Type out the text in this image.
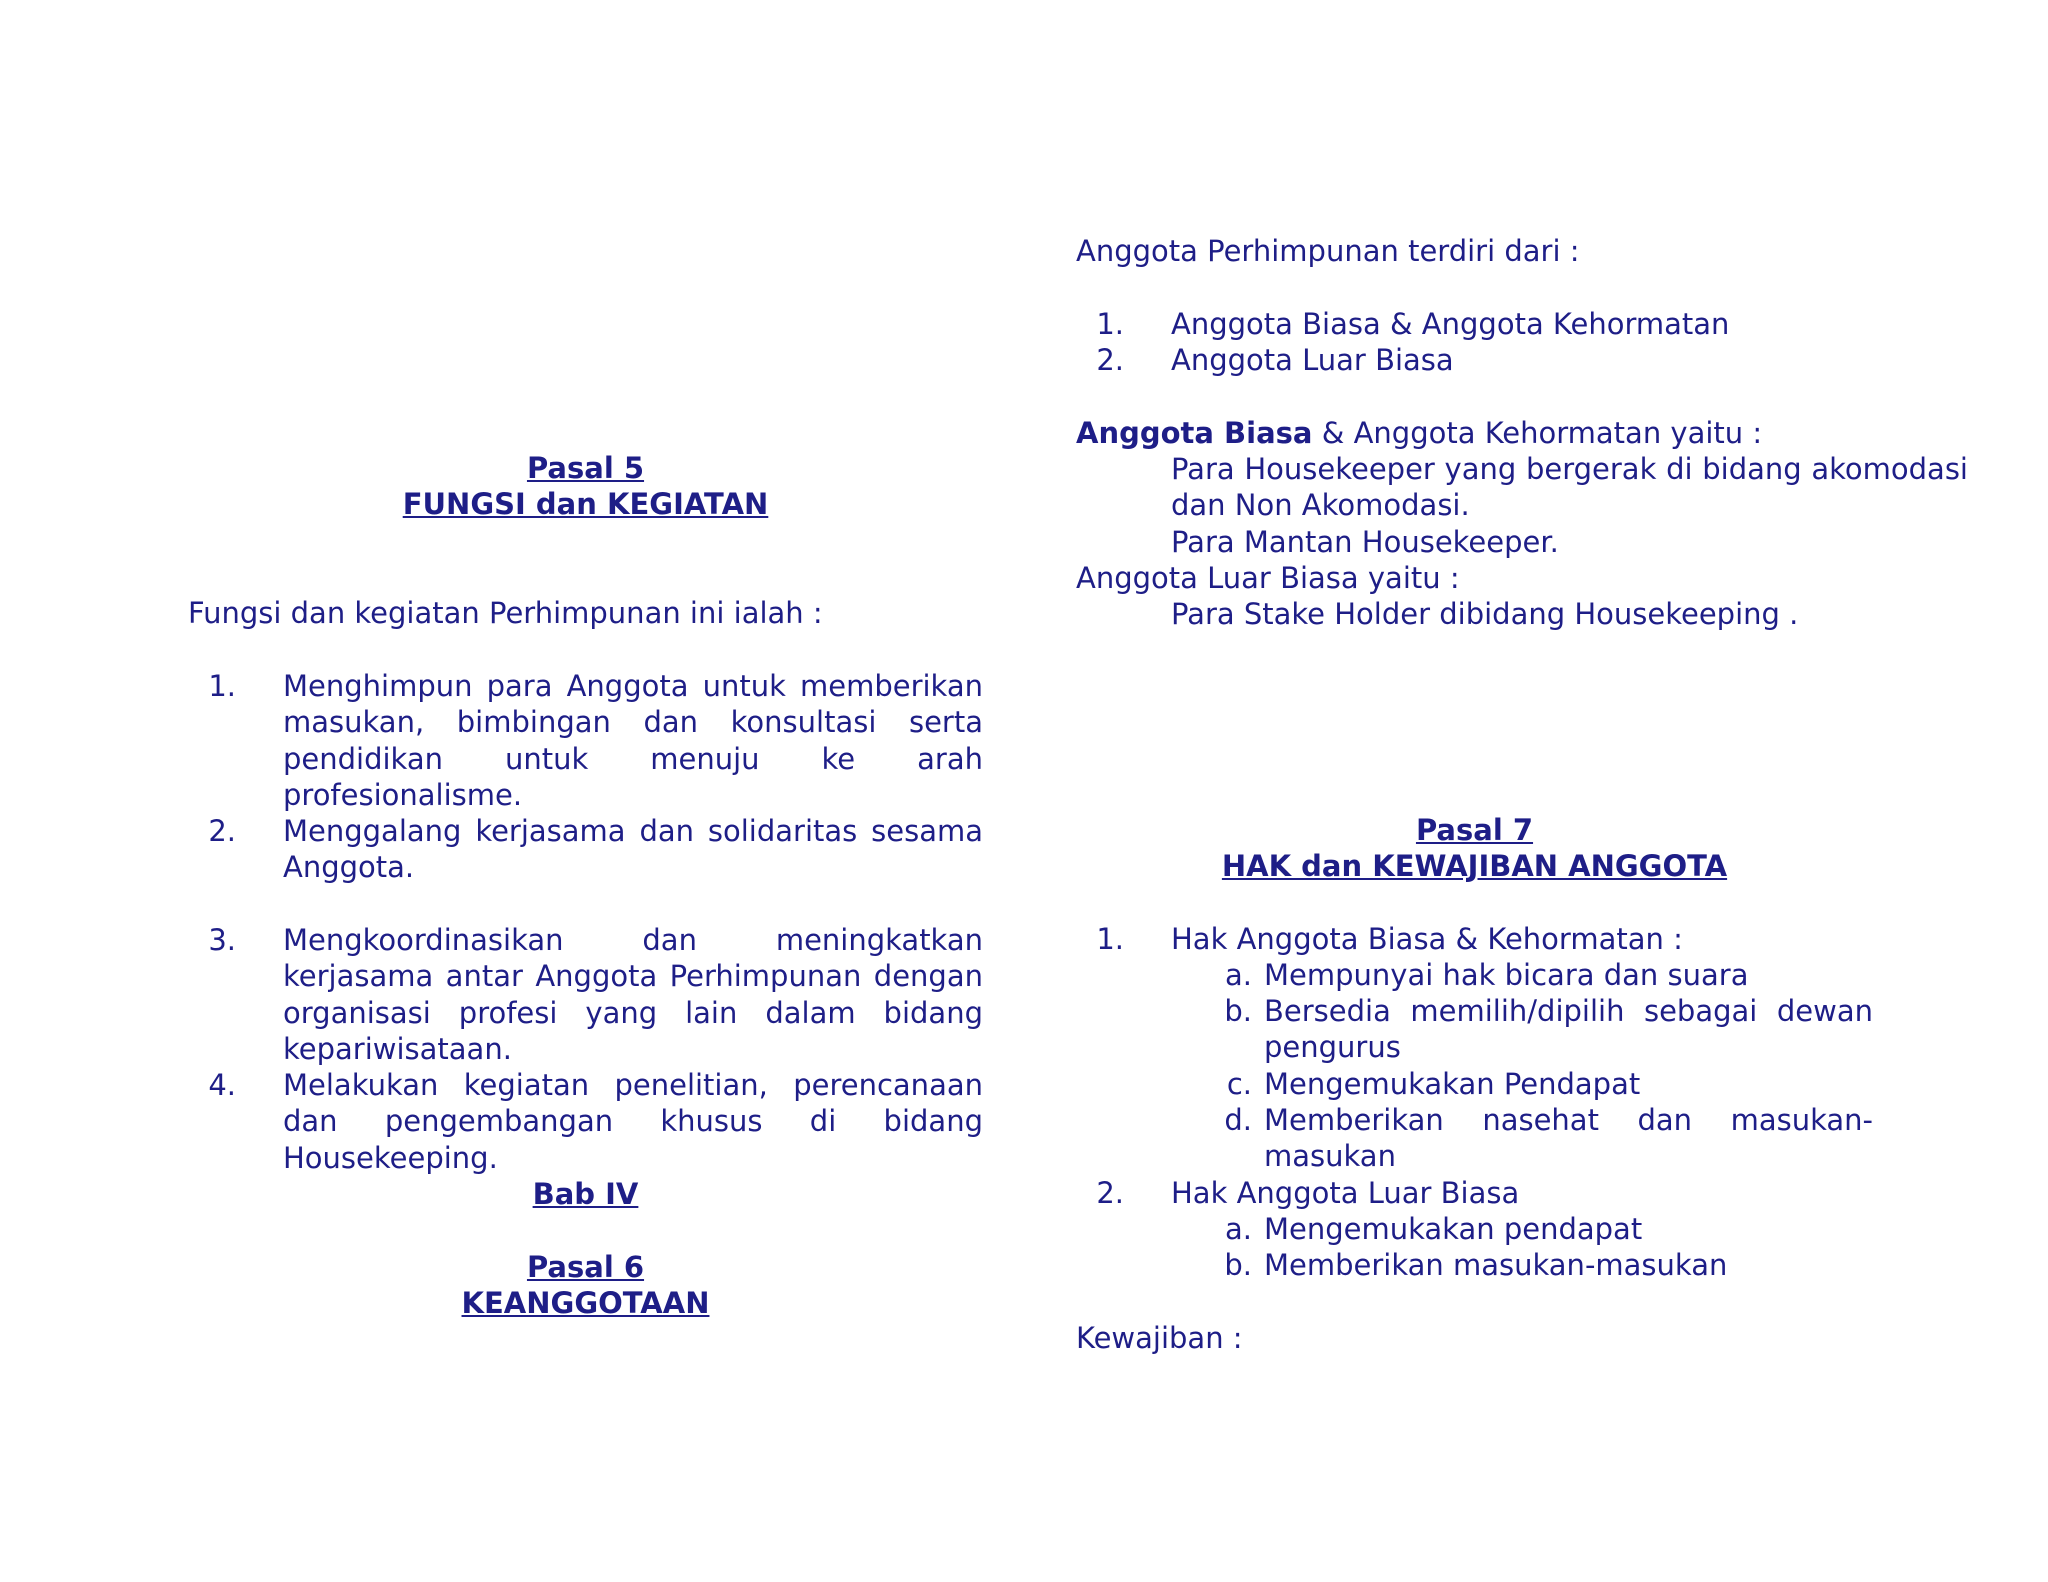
Pasal 5
FUNGSI dan KEGIATAN
Fungsi dan kegiatan Perhimpunan ini ialah :
1.	Menghimpun para Anggota untuk memberikan masukan, bimbingan dan konsultasi serta pendidikan untuk menuju ke arah profesionalisme.
2.	Menggalang kerjasama dan solidaritas sesama Anggota.
3.	Mengkoordinasikan dan meningkatkan kerjasama antar Anggota Perhimpunan dengan organisasi profesi yang lain dalam bidang kepariwisataan.
4.	Melakukan kegiatan penelitian, perencanaan dan pengembangan khusus di bidang Housekeeping.
Bab IV
Pasal 6
KEANGGOTAAN
Anggota Perhimpunan terdiri dari :
1.	Anggota Biasa & Anggota Kehormatan
2.	Anggota Luar Biasa
Anggota Biasa & Anggota Kehormatan yaitu :
Para Housekeeper yang bergerak di bidang akomodasi dan Non Akomodasi.
Para Mantan Housekeeper.
Anggota Luar Biasa yaitu :
Para Stake Holder dibidang Housekeeping .
Pasal 7
HAK dan KEWAJIBAN ANGGOTA
1.	Hak Anggota Biasa & Kehormatan :
a. Mempunyai hak bicara dan suara
b. Bersedia memilih/dipilih sebagai dewan pengurus
c. Mengemukakan Pendapat
d. Memberikan nasehat dan masukan-masukan
2.	Hak Anggota Luar Biasa
a. Mengemukakan pendapat
b. Memberikan masukan-masukan
Kewajiban :
